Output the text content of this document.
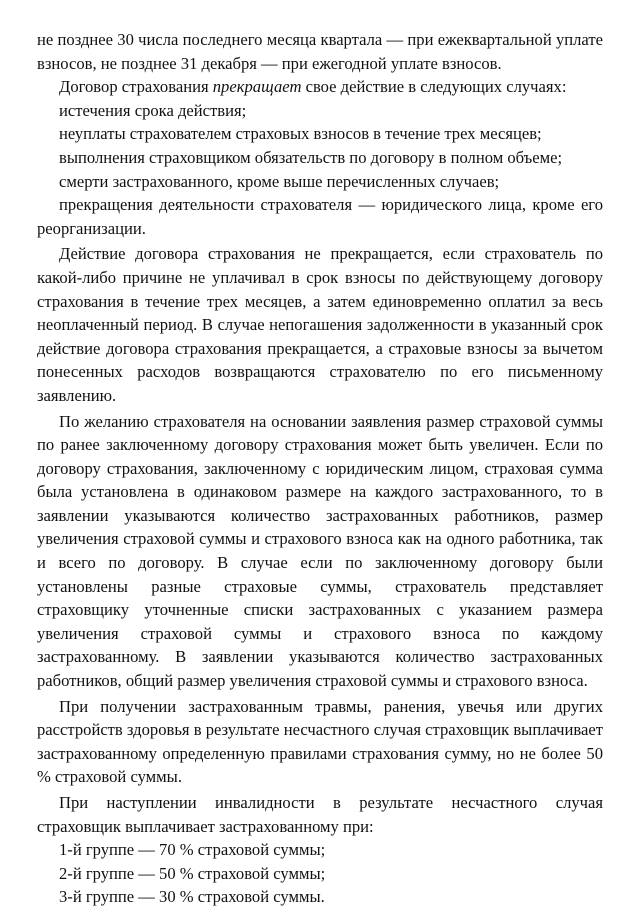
не позднее 30 числа последнего месяца квартала — при ежеквартальной уплате взносов, не позднее 31 декабря — при ежегодной уплате взносов.

Договор страхования прекращает свое действие в следующих случаях:

истечения срока действия;

неуплаты страхователем страховых взносов в течение трех месяцев;

выполнения страховщиком обязательств по договору в полном объеме;

смерти застрахованного, кроме выше перечисленных случаев;

прекращения деятельности страхователя — юридического лица, кроме его реорганизации.

Действие договора страхования не прекращается, если страхователь по какой-либо причине не уплачивал в срок взносы по действующему договору страхования в течение трех месяцев, а затем единовременно оплатил за весь неоплаченный период. В случае непогашения задолженности в указанный срок действие договора страхования прекращается, а страховые взносы за вычетом понесенных расходов возвращаются страхователю по его письменному заявлению.

По желанию страхователя на основании заявления размер страховой суммы по ранее заключенному договору страхования может быть увеличен. Если по договору страхования, заключенному с юридическим лицом, страховая сумма была установлена в одинаковом размере на каждого застрахованного, то в заявлении указываются количество застрахованных работников, размер увеличения страховой суммы и страхового взноса как на одного работника, так и всего по договору. В случае если по заключенному договору были установлены разные страховые суммы, страхователь представляет страховщику уточненные списки застрахованных с указанием размера увеличения страховой суммы и страхового взноса по каждому застрахованному. В заявлении указываются количество застрахованных работников, общий размер увеличения страховой суммы и страхового взноса.

При получении застрахованным травмы, ранения, увечья или других расстройств здоровья в результате несчастного случая страховщик выплачивает застрахованному определенную правилами страхования сумму, но не более 50 % страховой суммы.

При наступлении инвалидности в результате несчастного случая страховщик выплачивает застрахованному при:

1-й группе — 70 % страховой суммы;

2-й группе — 50 % страховой суммы;

3-й группе — 30 % страховой суммы.
